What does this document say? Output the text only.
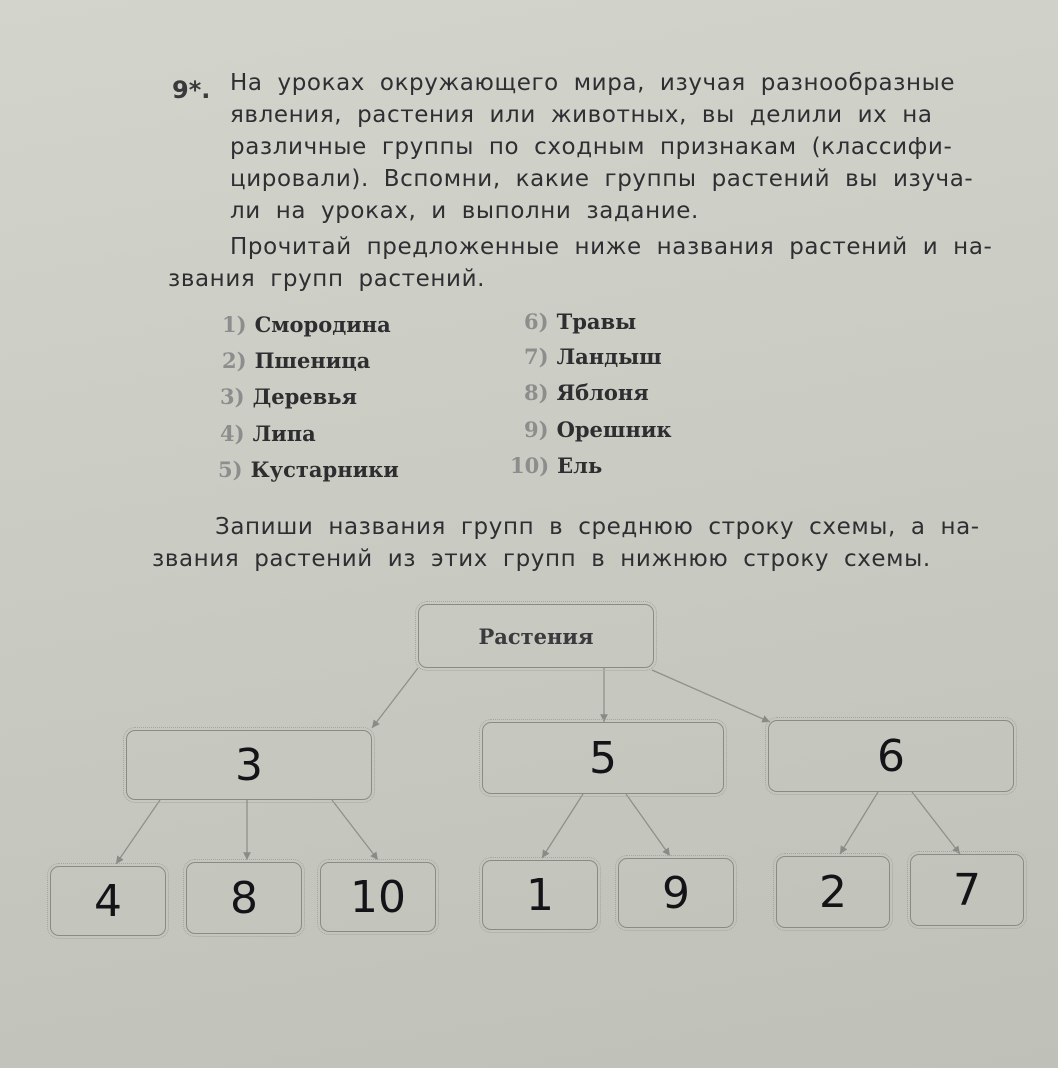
9*. На уроках окружающего мира, изучая разнообразные
явления, растения или животных, вы делили их на
различные группы по сходным признакам (классифи-
цировали). Вспомни, какие группы растений вы изуча-
ли на уроках, и выполни задание.
Прочитай предложенные ниже названия растений и на-
звания групп растений.
1) Смородина
2) Пшеница
3) Деревья
4) Липа
5) Кустарники
6) Травы
7) Ландыш
8) Яблоня
9) Орешник
10) Ель
Запиши названия групп в среднюю строку схемы, а на-
звания растений из этих групп в нижнюю строку схемы.
Растения
3	5	6
4 8 10	1 9	2 7
